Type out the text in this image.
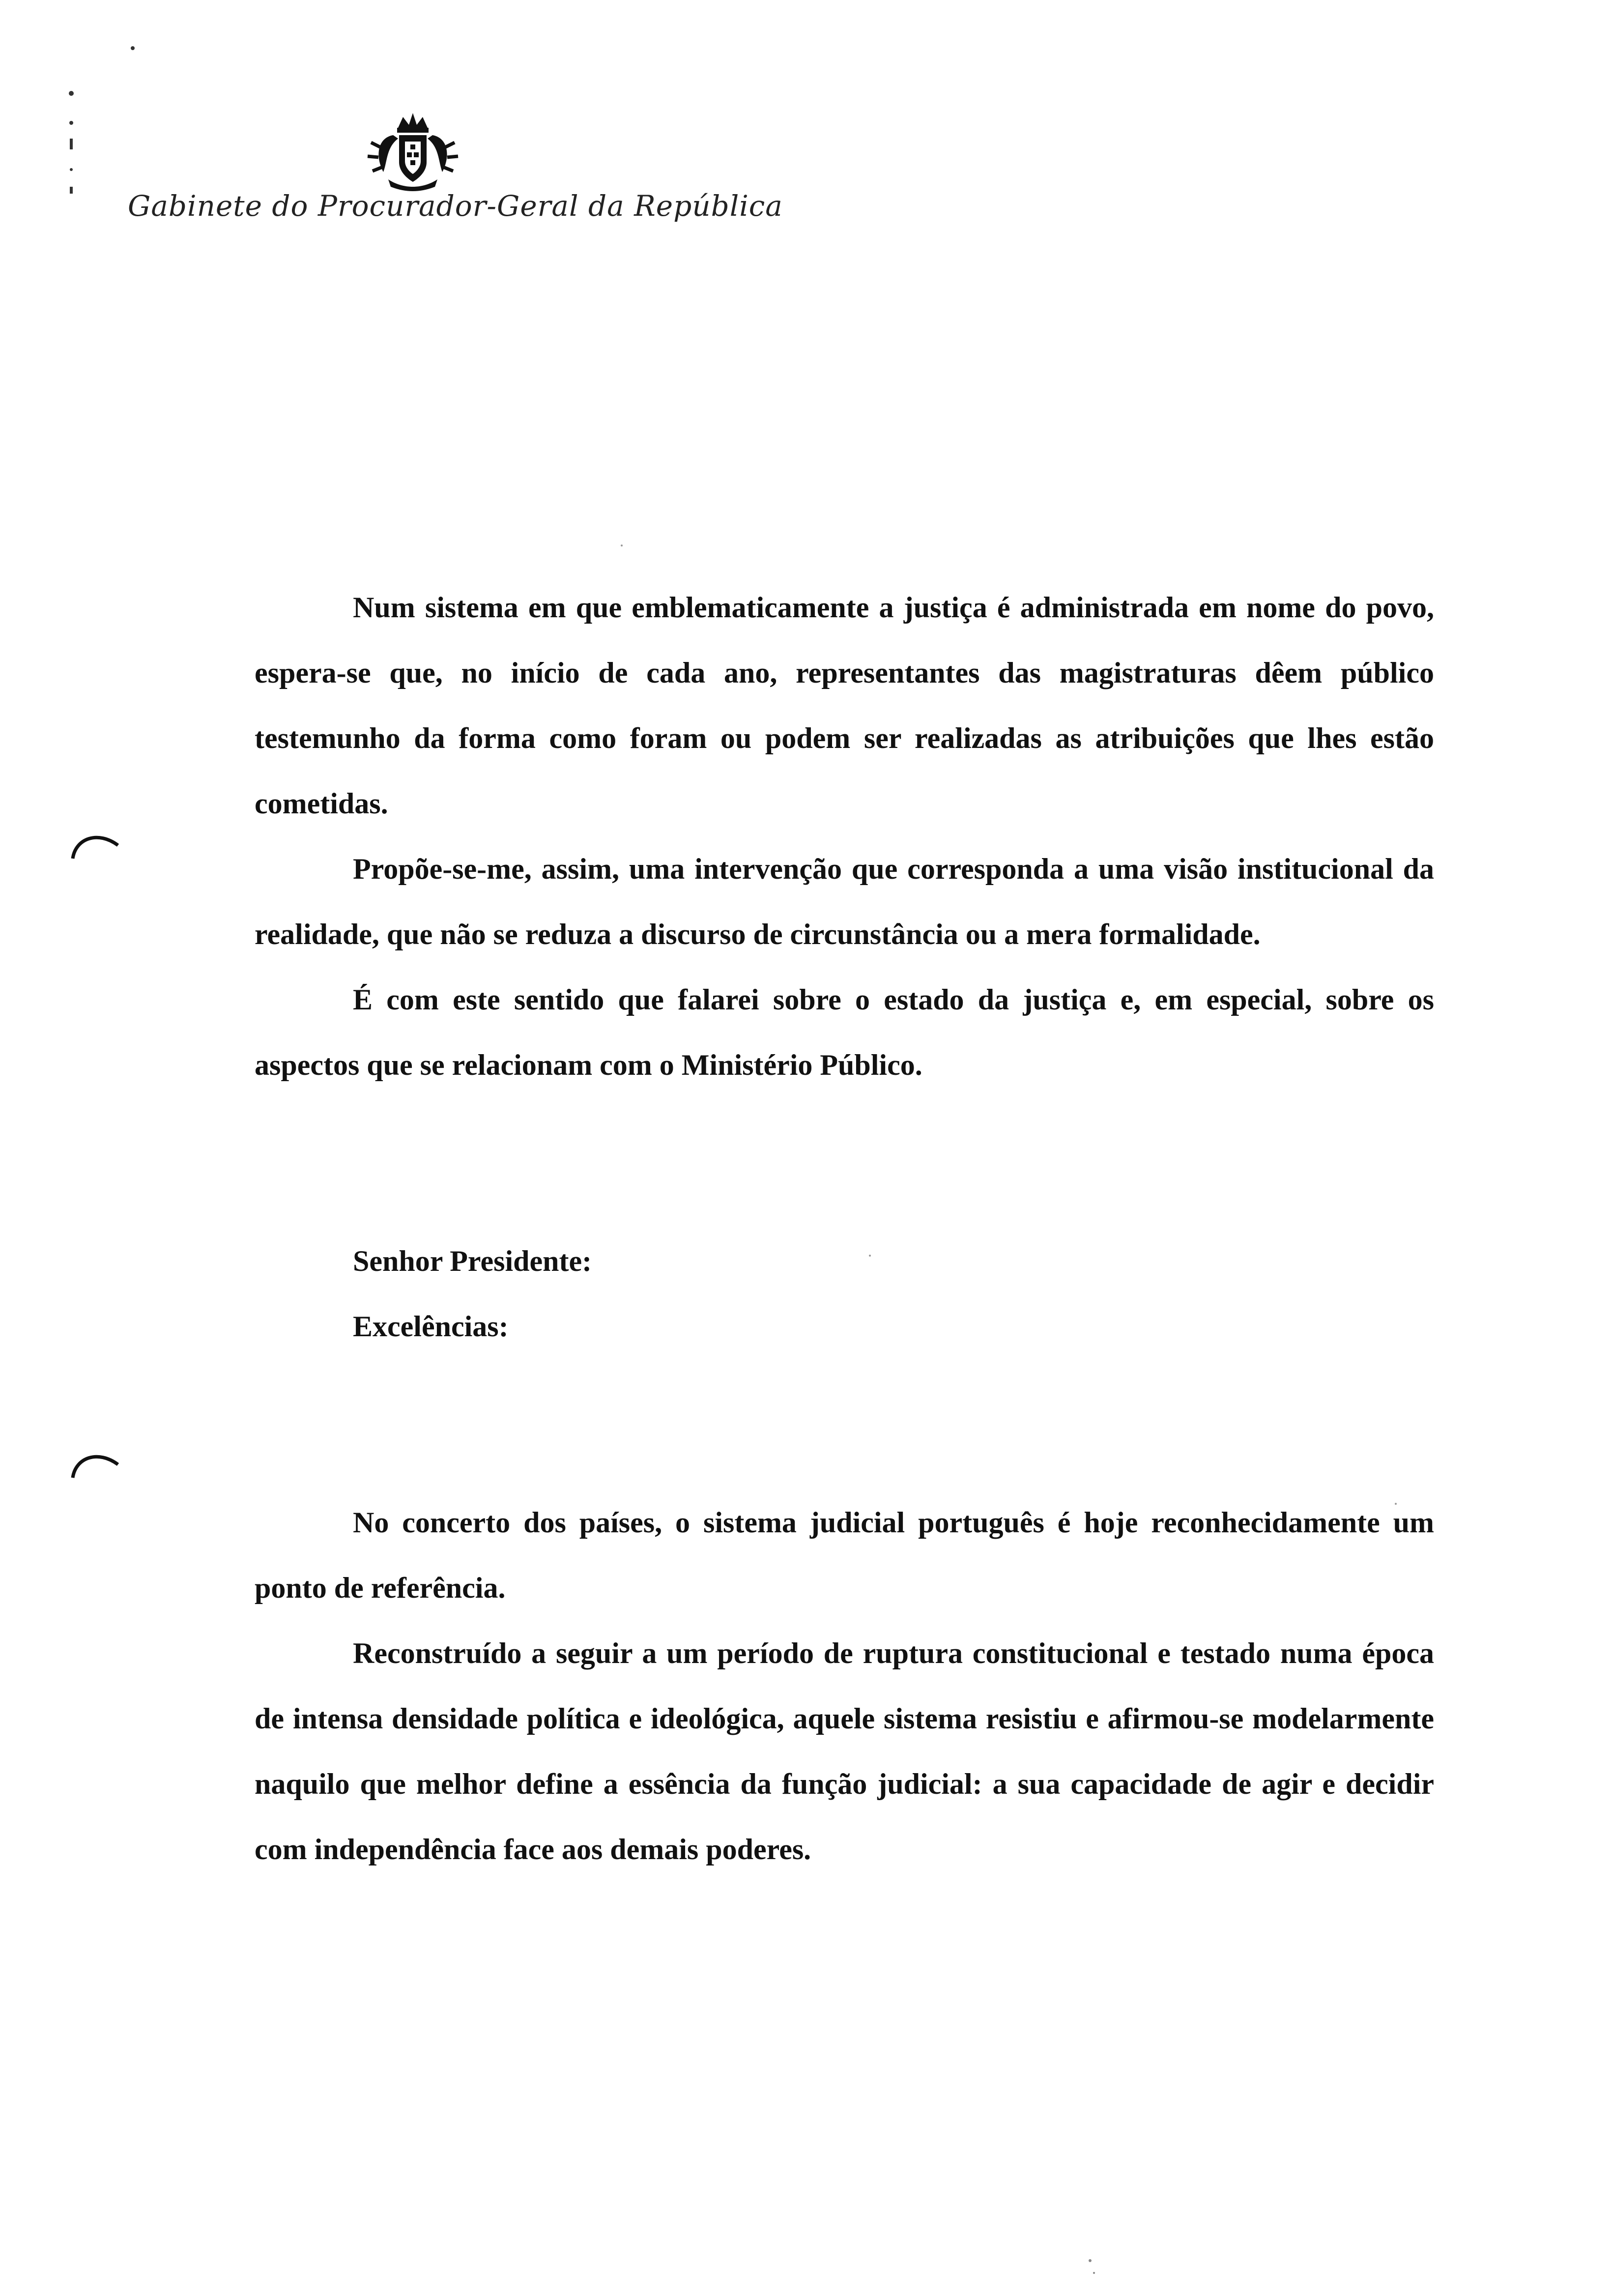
Gabinete do Procurador-Geral da República

Num sistema em que emblematicamente a justiça é administrada em nome do povo, espera-se que, no início de cada ano, representantes das magistraturas dêem público testemunho da forma como foram ou podem ser realizadas as atribuições que lhes estão cometidas.

Propõe-se-me, assim, uma intervenção que corresponda a uma visão institucional da realidade, que não se reduza a discurso de circunstância ou a mera formalidade.

É com este sentido que falarei sobre o estado da justiça e, em especial, sobre os aspectos que se relacionam com o Ministério Público.

Senhor Presidente:

Excelências:

No concerto dos países, o sistema judicial português é hoje reconhecidamente um ponto de referência.

Reconstruído a seguir a um período de ruptura constitucional e testado numa época de intensa densidade política e ideológica, aquele sistema resistiu e afirmou-se modelarmente naquilo que melhor define a essência da função judicial: a sua capacidade de agir e decidir com independência face aos demais poderes.
